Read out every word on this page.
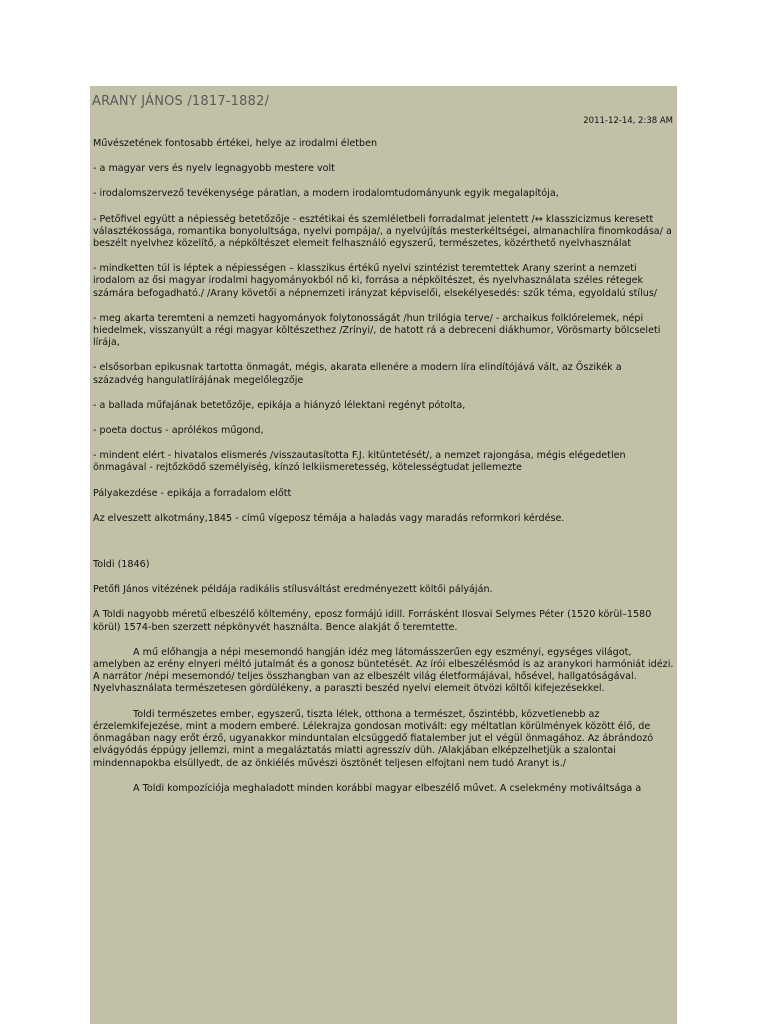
ARANY JÁNOS /1817-1882/
2011-12-14, 2:38 AM

Művészetének fontosabb értékei, helye az irodalmi életben

- a magyar vers és nyelv legnagyobb mestere volt

- irodalomszervező tevékenysége páratlan, a modern irodalomtudományunk egyik megalapítója,

- Petőfivel együtt a népiesség betetőzője - esztétikai és szemléletbeli forradalmat jelentett /↔ klasszicizmus keresett választékossága, romantika bonyolultsága, nyelvi pompája/, a nyelvújítás mesterkéltségei, almanachlíra finomkodása/ a beszélt nyelvhez közelítő, a népköltészet elemeit felhasználó egyszerű, természetes, közérthető nyelvhasználat

- mindketten túl is léptek a népiességen – klasszikus értékű nyelvi szintézist teremtettek Arany szerint a nemzeti irodalom az ősi magyar irodalmi hagyományokból nő ki, forrása a népköltészet, és nyelvhasználata széles rétegek számára befogadható./ /Arany követői a népnemzeti irányzat képviselői, elsekélyesedés: szűk téma, egyoldalú stílus/

- meg akarta teremteni a nemzeti hagyományok folytonosságát /hun trilógia terve/ - archaikus folklórelemek, népi hiedelmek, visszanyúlt a régi magyar költészethez /Zrínyi/, de hatott rá a debreceni diákhumor, Vörösmarty bölcseleti lírája,

- elsősorban epikusnak tartotta önmagát, mégis, akarata ellenére a modern líra elindítójává vált, az Őszikék a századvég hangulatlírájának megelőlegzője

- a ballada műfajának betetőzője, epikája a hiányzó lélektani regényt pótolta,

- poeta doctus - aprólékos műgond,

- mindent elért - hivatalos elismerés /visszautasította F.J. kitüntetését/, a nemzet rajongása, mégis elégedetlen önmagával - rejtőzködő személyiség, kínzó lelkiismeretesség, kötelességtudat jellemezte

Pályakezdése - epikája a forradalom előtt

Az elveszett alkotmány,1845 - című vígeposz témája a haladás vagy maradás reformkori kérdése.

Toldi (1846)

Petőfi János vitézének példája radikális stílusváltást eredményezett költői pályáján.

A Toldi nagyobb méretű elbeszélő költemény, eposz formájú idill. Forrásként Ilosvai Selymes Péter (1520 körül–1580 körül) 1574-ben szerzett népkönyvét használta. Bence alakját ő teremtette.

A mű előhangja a népi mesemondó hangján idéz meg látomásszerűen egy eszményi, egységes világot, amelyben az erény elnyeri méltó jutalmát és a gonosz büntetését. Az írói elbeszélésmód is az aranykori harmóniát idézi. A narrátor /népi mesemondó/ teljes összhangban van az elbeszélt világ életformájával, hősével, hallgatóságával. Nyelvhasználata természetesen gördülékeny, a paraszti beszéd nyelvi elemeit ötvözi költői kifejezésekkel.

Toldi természetes ember, egyszerű, tiszta lélek, otthona a természet, őszintébb, közvetlenebb az érzelemkifejezése, mint a modern emberé. Lélekrajza gondosan motivált: egy méltatlan körülmények között élő, de önmagában nagy erőt érző, ugyanakkor minduntalan elcsüggedő fiatalember jut el végül önmagához. Az ábrándozó elvágyódás éppúgy jellemzi, mint a megaláztatás miatti agresszív düh. /Alakjában elképzelhetjük a szalontai mindennapokba elsüllyedt, de az önkiélés művészi ösztönét teljesen elfojtani nem tudó Aranyt is./

A Toldi kompozíciója meghaladott minden korábbi magyar elbeszélő művet. A cselekmény motiváltsága a
